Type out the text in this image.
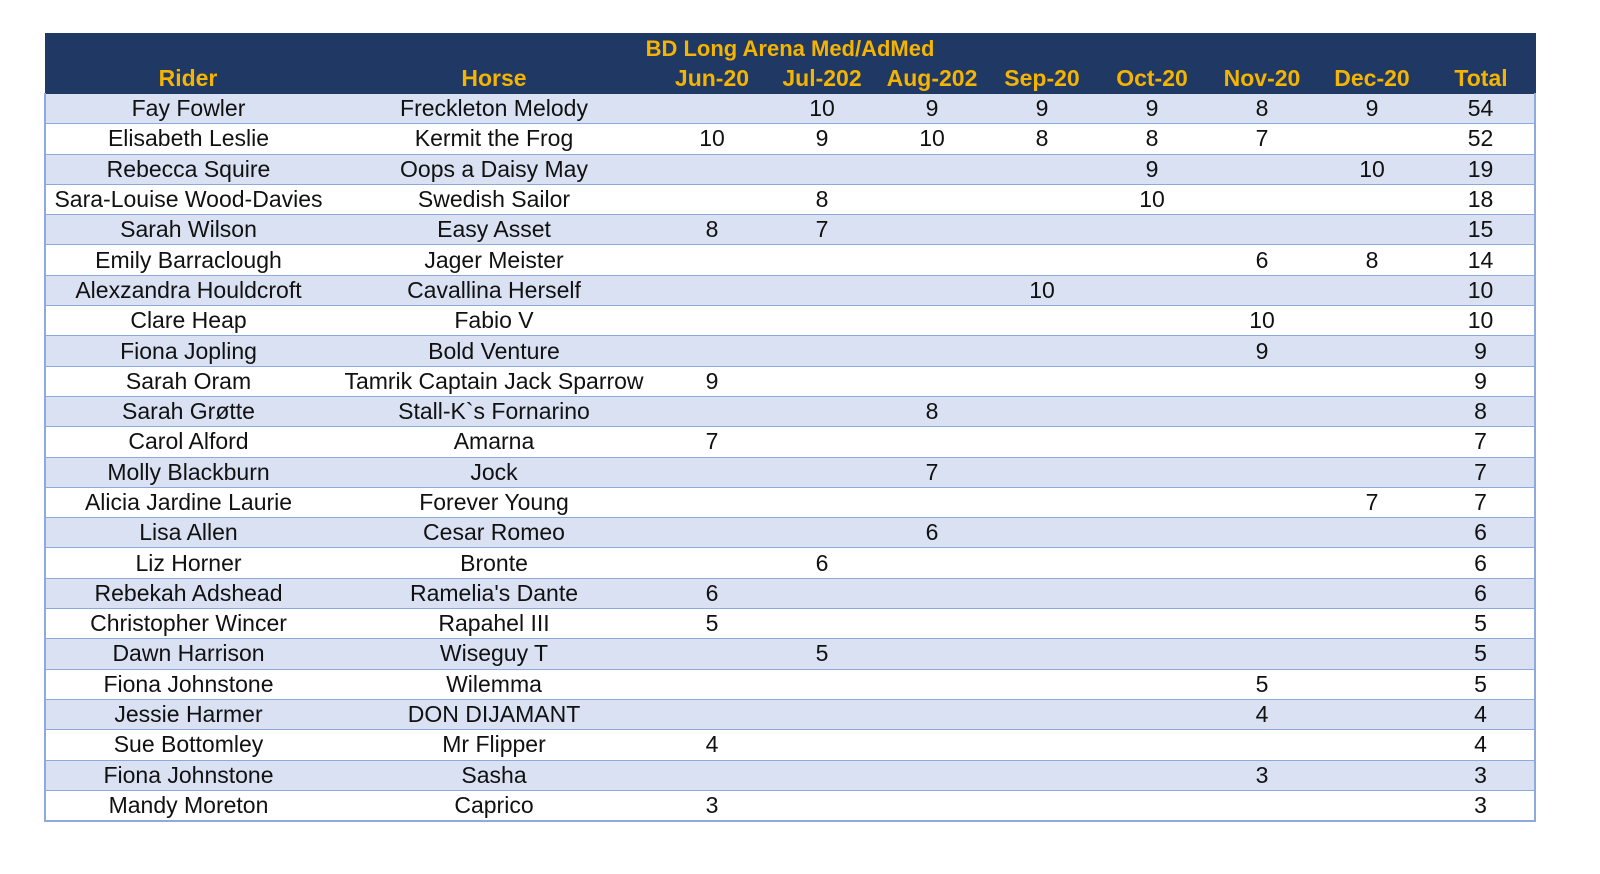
BD Long Arena Med/AdMed									
Rider	Horse	Jun-20	Jul-202	Aug-202	Sep-20	Oct-20	Nov-20	Dec-20	Total
Fay Fowler	Freckleton Melody		10	9	9	9	8	9	54
Elisabeth Leslie	Kermit the Frog	10	9	10	8	8	7		52
Rebecca Squire	Oops a Daisy May					9		10	19
Sara-Louise Wood-Davies	Swedish Sailor		8			10			18
Sarah Wilson	Easy Asset	8	7						15
Emily Barraclough	Jager Meister						6	8	14
Alexzandra Houldcroft	Cavallina Herself				10				10
Clare Heap	Fabio V						10		10
Fiona Jopling	Bold Venture						9		9
Sarah Oram	Tamrik Captain Jack Sparrow	9							9
Sarah Grøtte	Stall-K`s Fornarino			8					8
Carol Alford	Amarna	7							7
Molly Blackburn	Jock			7					7
Alicia Jardine Laurie	Forever Young							7	7
Lisa Allen	Cesar Romeo			6					6
Liz Horner	Bronte		6						6
Rebekah Adshead	Ramelia's Dante	6							6
Christopher Wincer	Rapahel III	5							5
Dawn Harrison	Wiseguy T		5						5
Fiona Johnstone	Wilemma						5		5
Jessie Harmer	DON DIJAMANT						4		4
Sue Bottomley	Mr Flipper	4							4
Fiona Johnstone	Sasha						3		3
Mandy Moreton	Caprico	3							3
